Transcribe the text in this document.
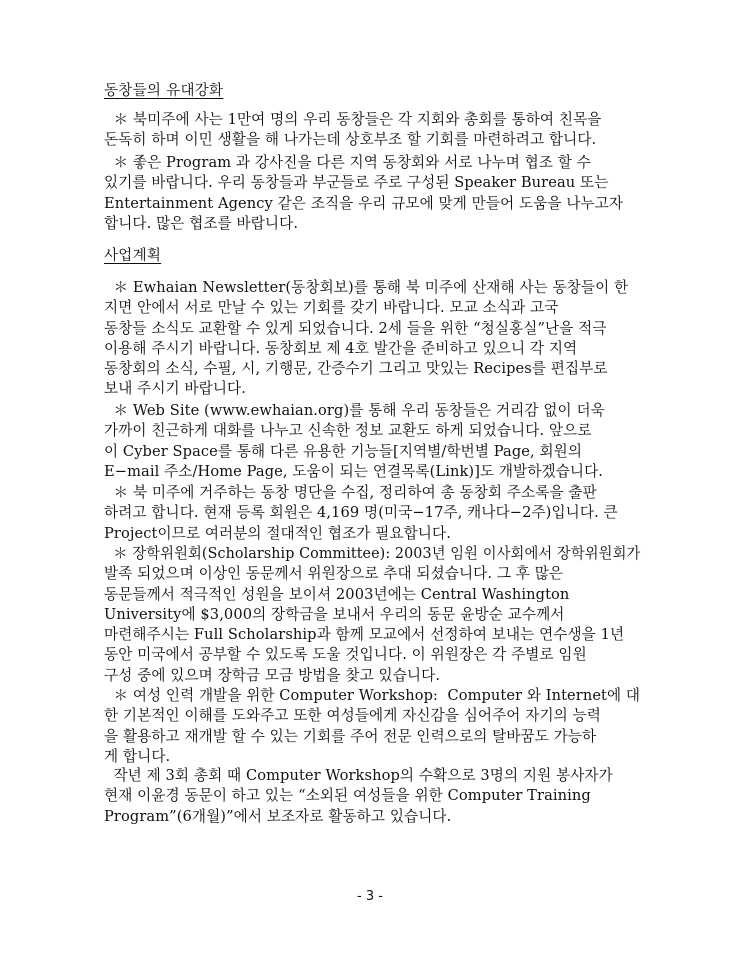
동창들의 유대강화
＊ 북미주에 사는 1만여 명의 우리 동창들은 각 지회와 총회를 통하여 친목을
돈독히 하며 이민 생활을 해 나가는데 상호부조 할 기회를 마련하려고 합니다.
＊ 좋은 Program 과 강사진을 다른 지역 동창회와 서로 나누며 협조 할 수
있기를 바랍니다. 우리 동창들과 부군들로 주로 구성된 Speaker Bureau 또는
Entertainment Agency 같은 조직을 우리 규모에 맞게 만들어 도움을 나누고자
합니다. 많은 협조를 바랍니다.
사업계획
＊ Ewhaian Newsletter(동창회보)를 통해 북 미주에 산재해 사는 동창들이 한
지면 안에서 서로 만날 수 있는 기회를 갖기 바랍니다. 모교 소식과 고국
동창들 소식도 교환할 수 있게 되었습니다. 2세 들을 위한 “청실홍실”난을 적극
이용해 주시기 바랍니다. 동창회보 제 4호 발간을 준비하고 있으니 각 지역
동창회의 소식, 수필, 시, 기행문, 간증수기 그리고 맛있는 Recipes를 편집부로
보내 주시기 바랍니다.
＊ Web Site (www.ewhaian.org)를 통해 우리 동창들은 거리감 없이 더욱
가까이 친근하게 대화를 나누고 신속한 정보 교환도 하게 되었습니다. 앞으로
이 Cyber Space를 통해 다른 유용한 기능들[지역별/학번별 Page, 회원의
E−mail 주소/Home Page, 도움이 되는 연결목록(Link)]도 개발하겠습니다.
＊ 북 미주에 거주하는 동창 명단을 수집, 정리하여 총 동창회 주소록을 출판
하려고 합니다. 현재 등록 회원은 4,169 명(미국−17주, 캐나다−2주)입니다. 큰
Project이므로 여러분의 절대적인 협조가 필요합니다.
＊ 장학위원회(Scholarship Committee): 2003년 임원 이사회에서 장학위원회가
발족 되었으며 이상인 동문께서 위원장으로 추대 되셨습니다. 그 후 많은
동문들께서 적극적인 성원을 보이셔 2003년에는 Central Washington
University에 $3,000의 장학금을 보내서 우리의 동문 윤방순 교수께서
마련해주시는 Full Scholarship과 함께 모교에서 선정하여 보내는 연수생을 1년
동안 미국에서 공부할 수 있도록 도울 것입니다. 이 위원장은 각 주별로 임원
구성 중에 있으며 장학금 모금 방법을 찾고 있습니다.
＊ 여성 인력 개발을 위한 Computer Workshop:  Computer 와 Internet에 대
한 기본적인 이해를 도와주고 또한 여성들에게 자신감을 심어주어 자기의 능력
을 활용하고 재개발 할 수 있는 기회를 주어 전문 인력으로의 탈바꿈도 가능하
게 합니다.
작년 제 3회 총회 때 Computer Workshop의 수확으로 3명의 지원 봉사자가
현재 이윤경 동문이 하고 있는 “소외된 여성들을 위한 Computer Training
Program”(6개월)”에서 보조자로 활동하고 있습니다.
- 3 -
